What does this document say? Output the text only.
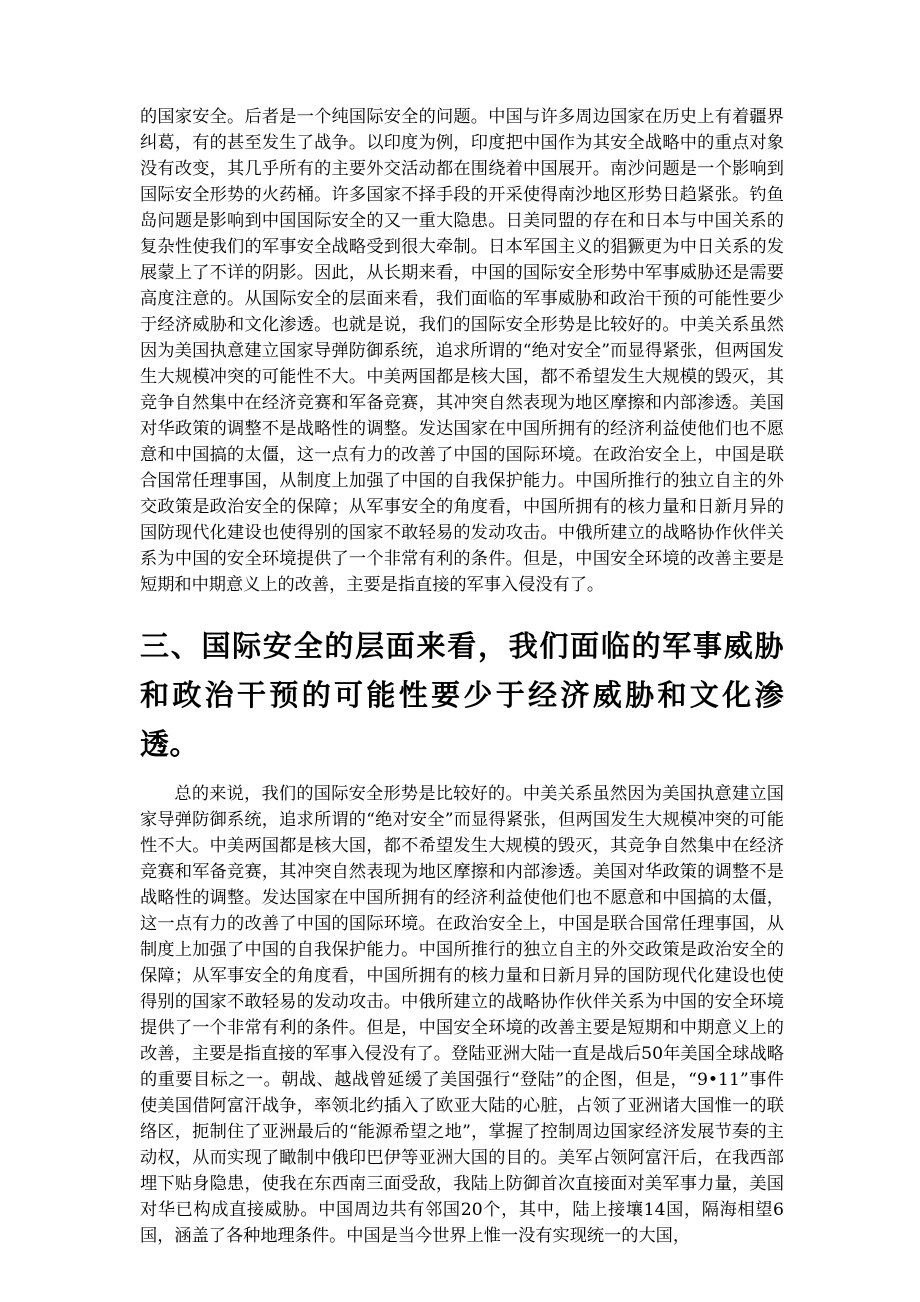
的国家安全。后者是一个纯国际安全的问题。中国与许多周边国家在历史上有着疆界纠葛，有的甚至发生了战争。以印度为例，印度把中国作为其安全战略中的重点对象没有改变，其几乎所有的主要外交活动都在围绕着中国展开。南沙问题是一个影响到国际安全形势的火药桶。许多国家不择手段的开采使得南沙地区形势日趋紧张。钓鱼岛问题是影响到中国国际安全的又一重大隐患。日美同盟的存在和日本与中国关系的复杂性使我们的军事安全战略受到很大牵制。日本军国主义的猖獗更为中日关系的发展蒙上了不详的阴影。因此，从长期来看，中国的国际安全形势中军事威胁还是需要高度注意的。从国际安全的层面来看，我们面临的军事威胁和政治干预的可能性要少于经济威胁和文化渗透。也就是说，我们的国际安全形势是比较好的。中美关系虽然因为美国执意建立国家导弹防御系统，追求所谓的“绝对安全”而显得紧张，但两国发生大规模冲突的可能性不大。中美两国都是核大国，都不希望发生大规模的毁灭，其竞争自然集中在经济竞赛和军备竞赛，其冲突自然表现为地区摩擦和内部渗透。美国对华政策的调整不是战略性的调整。发达国家在中国所拥有的经济利益使他们也不愿意和中国搞的太僵，这一点有力的改善了中国的国际环境。在政治安全上，中国是联合国常任理事国，从制度上加强了中国的自我保护能力。中国所推行的独立自主的外交政策是政治安全的保障；从军事安全的角度看，中国所拥有的核力量和日新月异的国防现代化建设也使得别的国家不敢轻易的发动攻击。中俄所建立的战略协作伙伴关系为中国的安全环境提供了一个非常有利的条件。但是，中国安全环境的改善主要是短期和中期意义上的改善，主要是指直接的军事入侵没有了。

三、国际安全的层面来看，我们面临的军事威胁和政治干预的可能性要少于经济威胁和文化渗透。

总的来说，我们的国际安全形势是比较好的。中美关系虽然因为美国执意建立国家导弹防御系统，追求所谓的“绝对安全”而显得紧张，但两国发生大规模冲突的可能性不大。中美两国都是核大国，都不希望发生大规模的毁灭，其竞争自然集中在经济竞赛和军备竞赛，其冲突自然表现为地区摩擦和内部渗透。美国对华政策的调整不是战略性的调整。发达国家在中国所拥有的经济利益使他们也不愿意和中国搞的太僵，这一点有力的改善了中国的国际环境。在政治安全上，中国是联合国常任理事国，从制度上加强了中国的自我保护能力。中国所推行的独立自主的外交政策是政治安全的保障；从军事安全的角度看，中国所拥有的核力量和日新月异的国防现代化建设也使得别的国家不敢轻易的发动攻击。中俄所建立的战略协作伙伴关系为中国的安全环境提供了一个非常有利的条件。但是，中国安全环境的改善主要是短期和中期意义上的改善，主要是指直接的军事入侵没有了。登陆亚洲大陆一直是战后50年美国全球战略的重要目标之一。朝战、越战曾延缓了美国强行“登陆”的企图，但是，“9•11”事件使美国借阿富汗战争，率领北约插入了欧亚大陆的心脏，占领了亚洲诸大国惟一的联络区，扼制住了亚洲最后的“能源希望之地”，掌握了控制周边国家经济发展节奏的主动权，从而实现了瞰制中俄印巴伊等亚洲大国的目的。美军占领阿富汗后，在我西部埋下贴身隐患，使我在东西南三面受敌，我陆上防御首次直接面对美军事力量，美国对华已构成直接威胁。中国周边共有邻国20个，其中，陆上接壤14国，隔海相望6国，涵盖了各种地理条件。中国是当今世界上惟一没有实现统一的大国，
